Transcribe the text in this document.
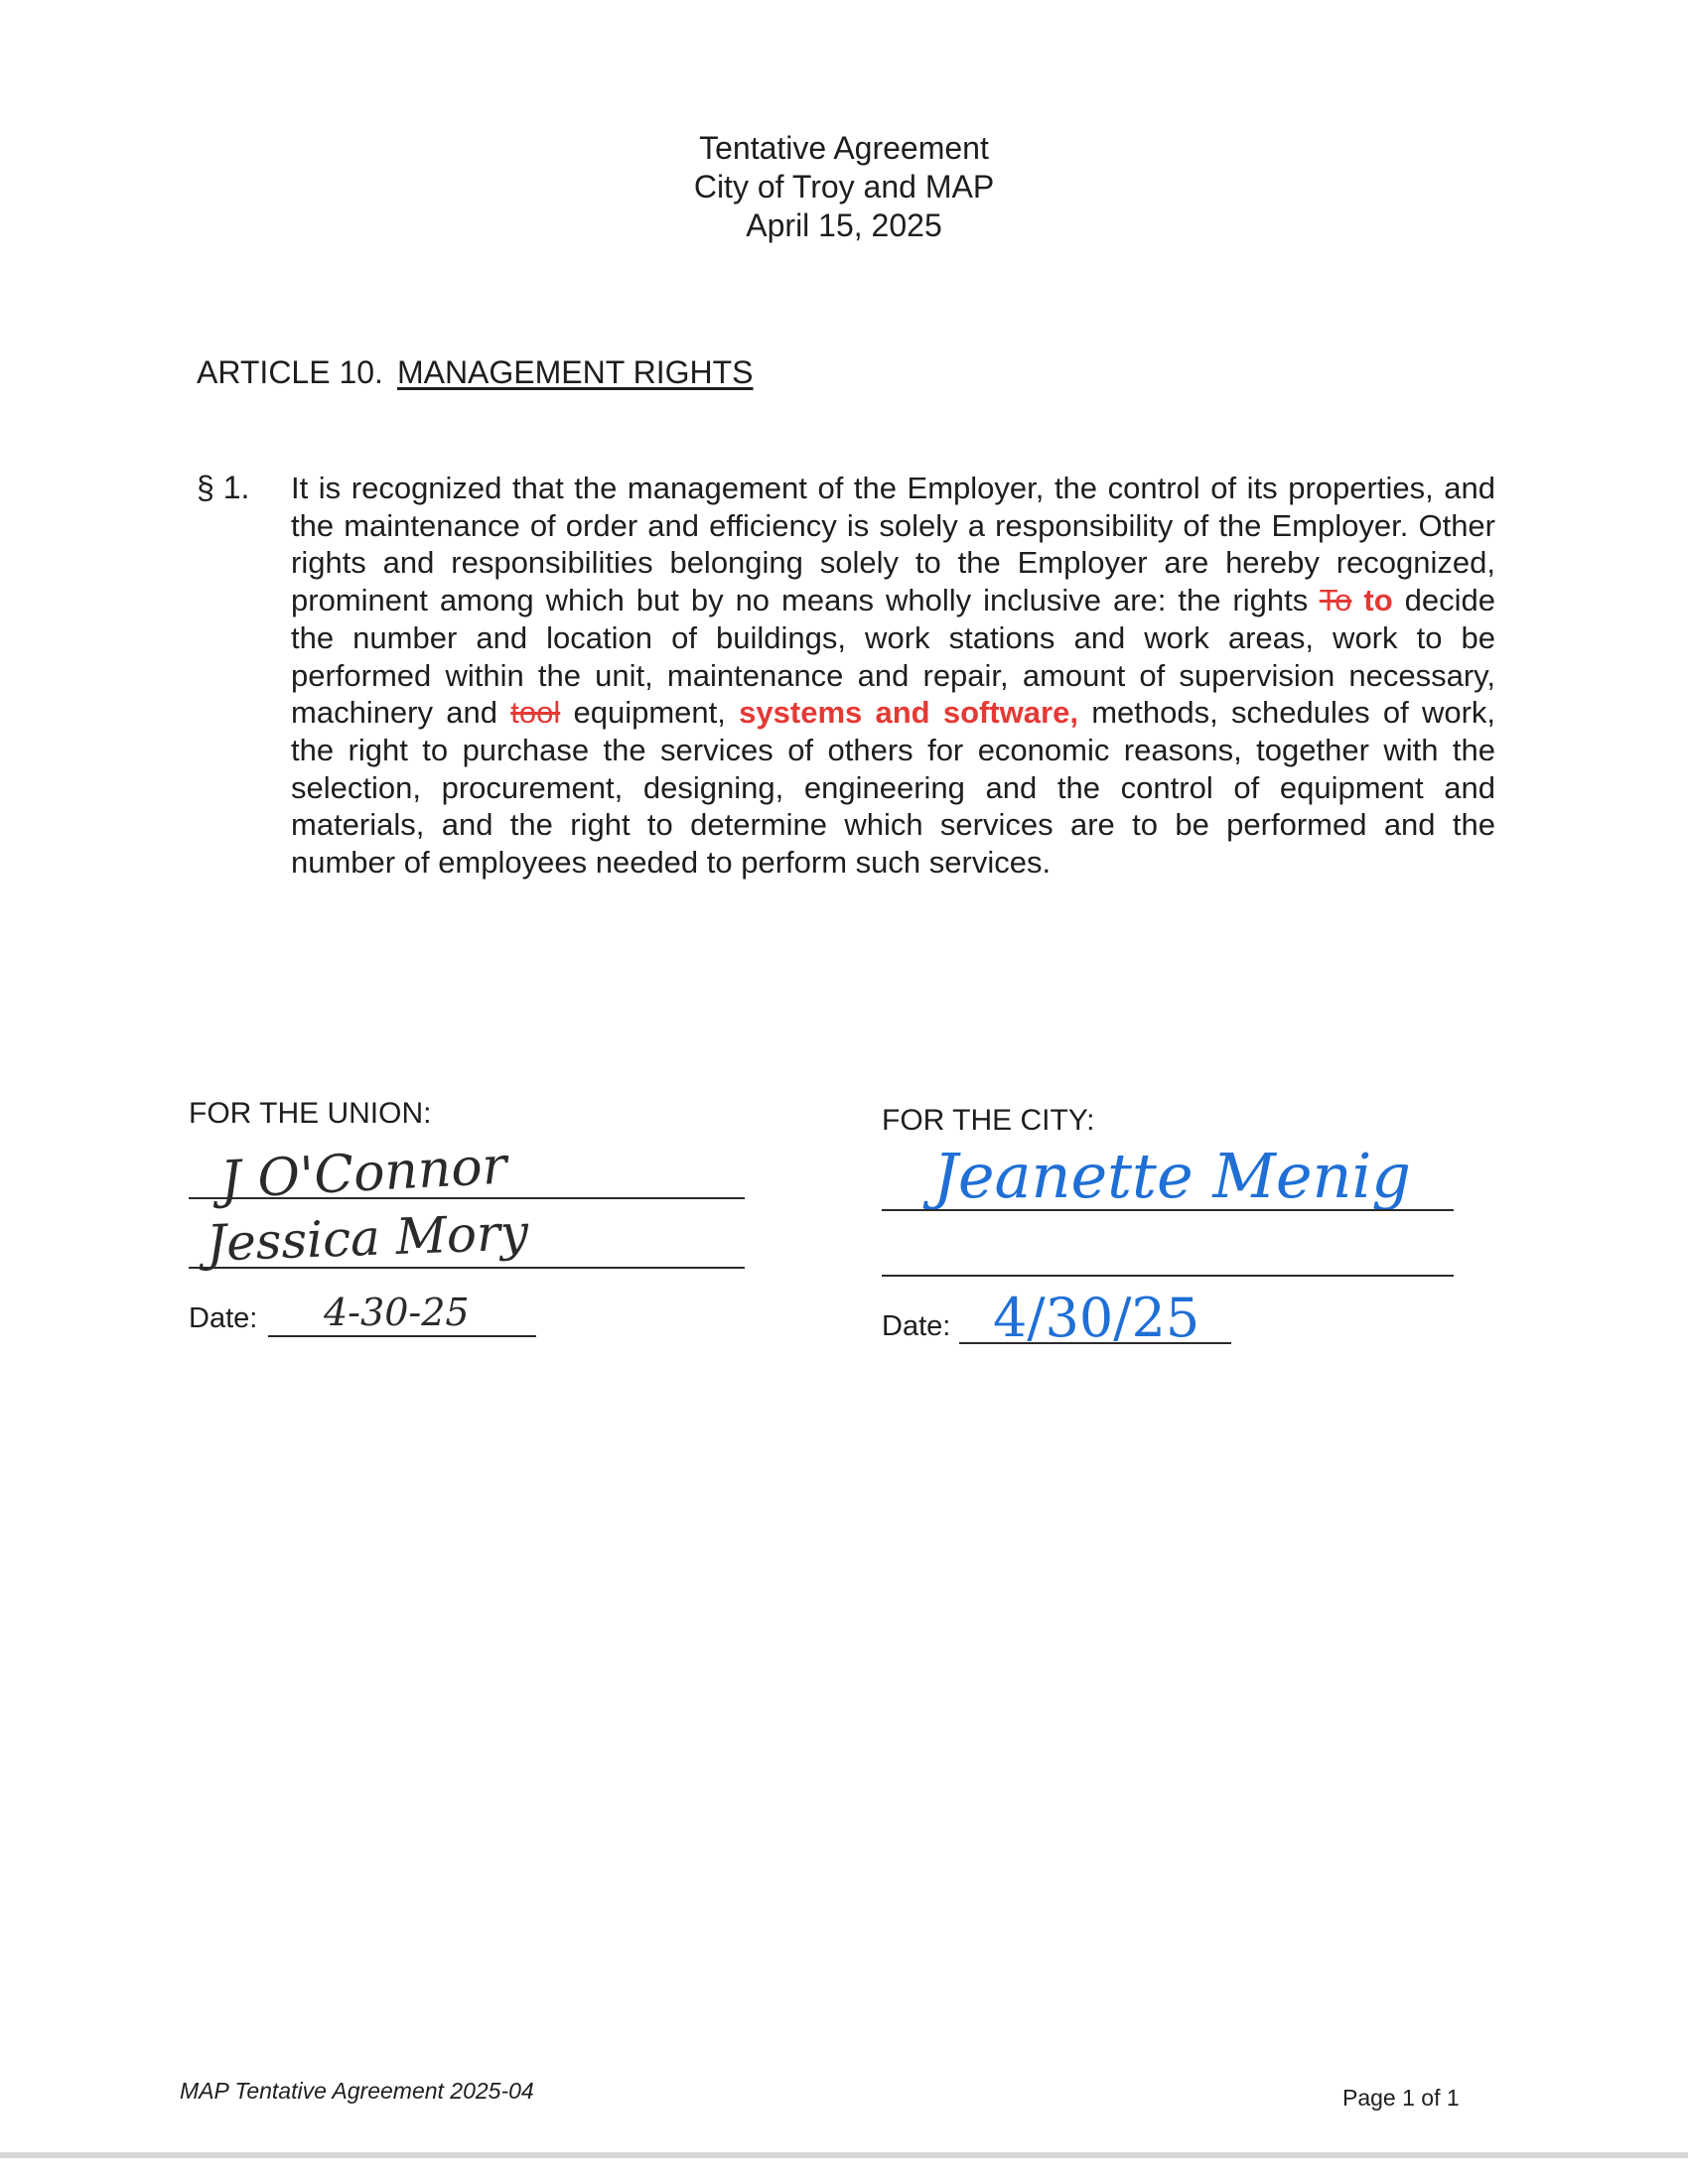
Tentative Agreement
City of Troy and MAP
April 15, 2025
ARTICLE 10. MANAGEMENT RIGHTS
§ 1. It is recognized that the management of the Employer, the control of its properties, and the maintenance of order and efficiency is solely a responsibility of the Employer. Other rights and responsibilities belonging solely to the Employer are hereby recognized, prominent among which but by no means wholly inclusive are: the rights To to decide the number and location of buildings, work stations and work areas, work to be performed within the unit, maintenance and repair, amount of supervision necessary, machinery and tool equipment, systems and software, methods, schedules of work, the right to purchase the services of others for economic reasons, together with the selection, procurement, designing, engineering and the control of equipment and materials, and the right to determine which services are to be performed and the number of employees needed to perform such services.

FOR THE UNION:
J O'Connor
Jessica Mory
Date: 4-30-25
FOR THE CITY:
Jeanette Menig
Date: 4/30/25
MAP Tentative Agreement 2025-04	Page 1 of 1
